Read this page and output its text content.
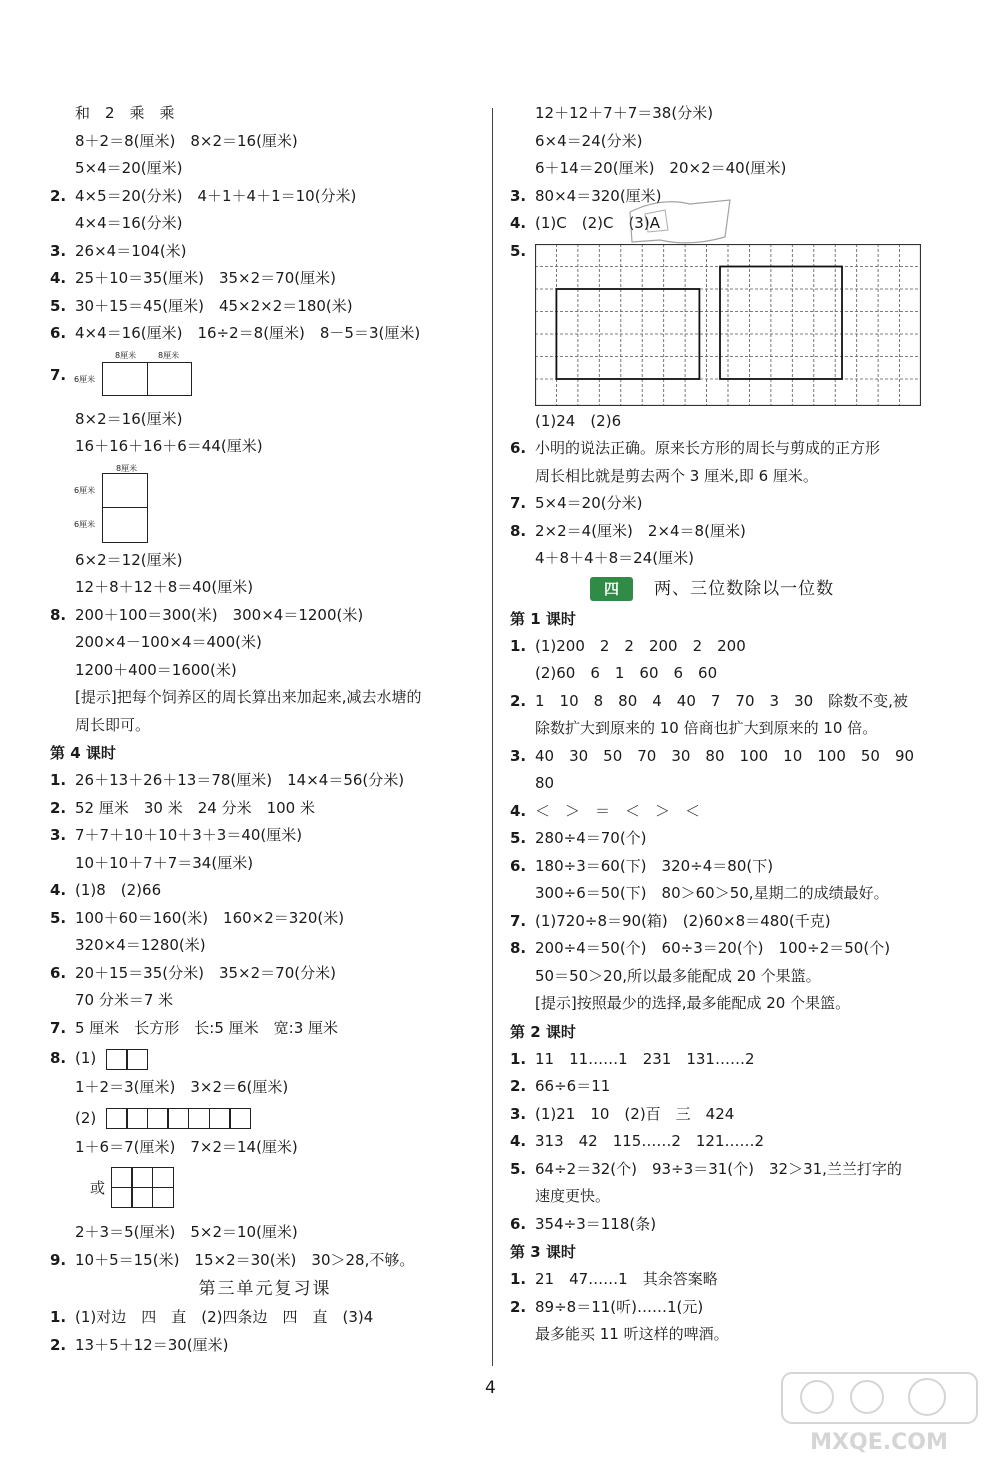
和　2　乘　乘
8＋2＝8(厘米)　8×2＝16(厘米)
5×4＝20(厘米)
2. 4×5＝20(分米)　4＋1＋4＋1＝10(分米)
4×4＝16(分米)
3. 26×4＝104(米)
4. 25＋10＝35(厘米)　35×2＝70(厘米)
5. 30＋15＝45(厘米)　45×2×2＝180(米)
6. 4×4＝16(厘米)　16÷2＝8(厘米)　8－5＝3(厘米)
7.
8厘米	8厘米
6厘米
8×2＝16(厘米)
16＋16＋16＋6＝44(厘米)
8厘米
6厘米
6厘米
6×2＝12(厘米)
12＋8＋12＋8＝40(厘米)
8. 200＋100＝300(米)　300×4＝1200(米)
200×4－100×4＝400(米)
1200＋400＝1600(米)
[提示]把每个饲养区的周长算出来加起来,减去水塘的
周长即可。
第 4 课时
1. 26＋13＋26＋13＝78(厘米)　14×4＝56(分米)
2. 52 厘米　30 米　24 分米　100 米
3. 7＋7＋10＋10＋3＋3＝40(厘米)
10＋10＋7＋7＝34(厘米)
4. (1)8　(2)66
5. 100＋60＝160(米)　160×2＝320(米)
320×4＝1280(米)
6. 20＋15＝35(分米)　35×2＝70(分米)
70 分米＝7 米
7. 5 厘米　长方形　长:5 厘米　宽:3 厘米
8. (1)
1＋2＝3(厘米)　3×2＝6(厘米)
(2)
1＋6＝7(厘米)　7×2＝14(厘米)
或
2＋3＝5(厘米)　5×2＝10(厘米)
9. 10＋5＝15(米)　15×2＝30(米)　30＞28,不够。
第三单元复习课
1. (1)对边　四　直　(2)四条边　四　直　(3)4
2. 13＋5＋12＝30(厘米)
12＋12＋7＋7＝38(分米)
6×4＝24(分米)
6＋14＝20(厘米)　20×2＝40(厘米)
3. 80×4＝320(厘米)
4. (1)C　(2)C　(3)A
5.
(1)24　(2)6
6. 小明的说法正确。原来长方形的周长与剪成的正方形
周长相比就是剪去两个 3 厘米,即 6 厘米。
7. 5×4＝20(分米)
8. 2×2＝4(厘米)　2×4＝8(厘米)
4＋8＋4＋8＝24(厘米)
四 两、三位数除以一位数
第 1 课时
1. (1)200　2　2　200　2　200
(2)60　6　1　60　6　60
2. 1　10　8　80　4　40　7　70　3　30　除数不变,被
除数扩大到原来的 10 倍商也扩大到原来的 10 倍。
3. 40　30　50　70　30　80　100　10　100　50　90
80
4. ＜　＞　＝　＜　＞　＜
5. 280÷4＝70(个)
6. 180÷3＝60(下)　320÷4＝80(下)
300÷6＝50(下)　80＞60＞50,星期二的成绩最好。
7. (1)720÷8＝90(箱)　(2)60×8＝480(千克)
8. 200÷4＝50(个)　60÷3＝20(个)　100÷2＝50(个)
50＝50＞20,所以最多能配成 20 个果篮。
[提示]按照最少的选择,最多能配成 20 个果篮。
第 2 课时
1. 11　11……1　231　131……2
2. 66÷6＝11
3. (1)21　10　(2)百　三　424
4. 313　42　115……2　121……2
5. 64÷2＝32(个)　93÷3＝31(个)　32＞31,兰兰打字的
速度更快。
6. 354÷3＝118(条)
第 3 课时
1. 21　47……1　其余答案略
2. 89÷8＝11(听)……1(元)
最多能买 11 听这样的啤酒。
4
MXQE.COM
